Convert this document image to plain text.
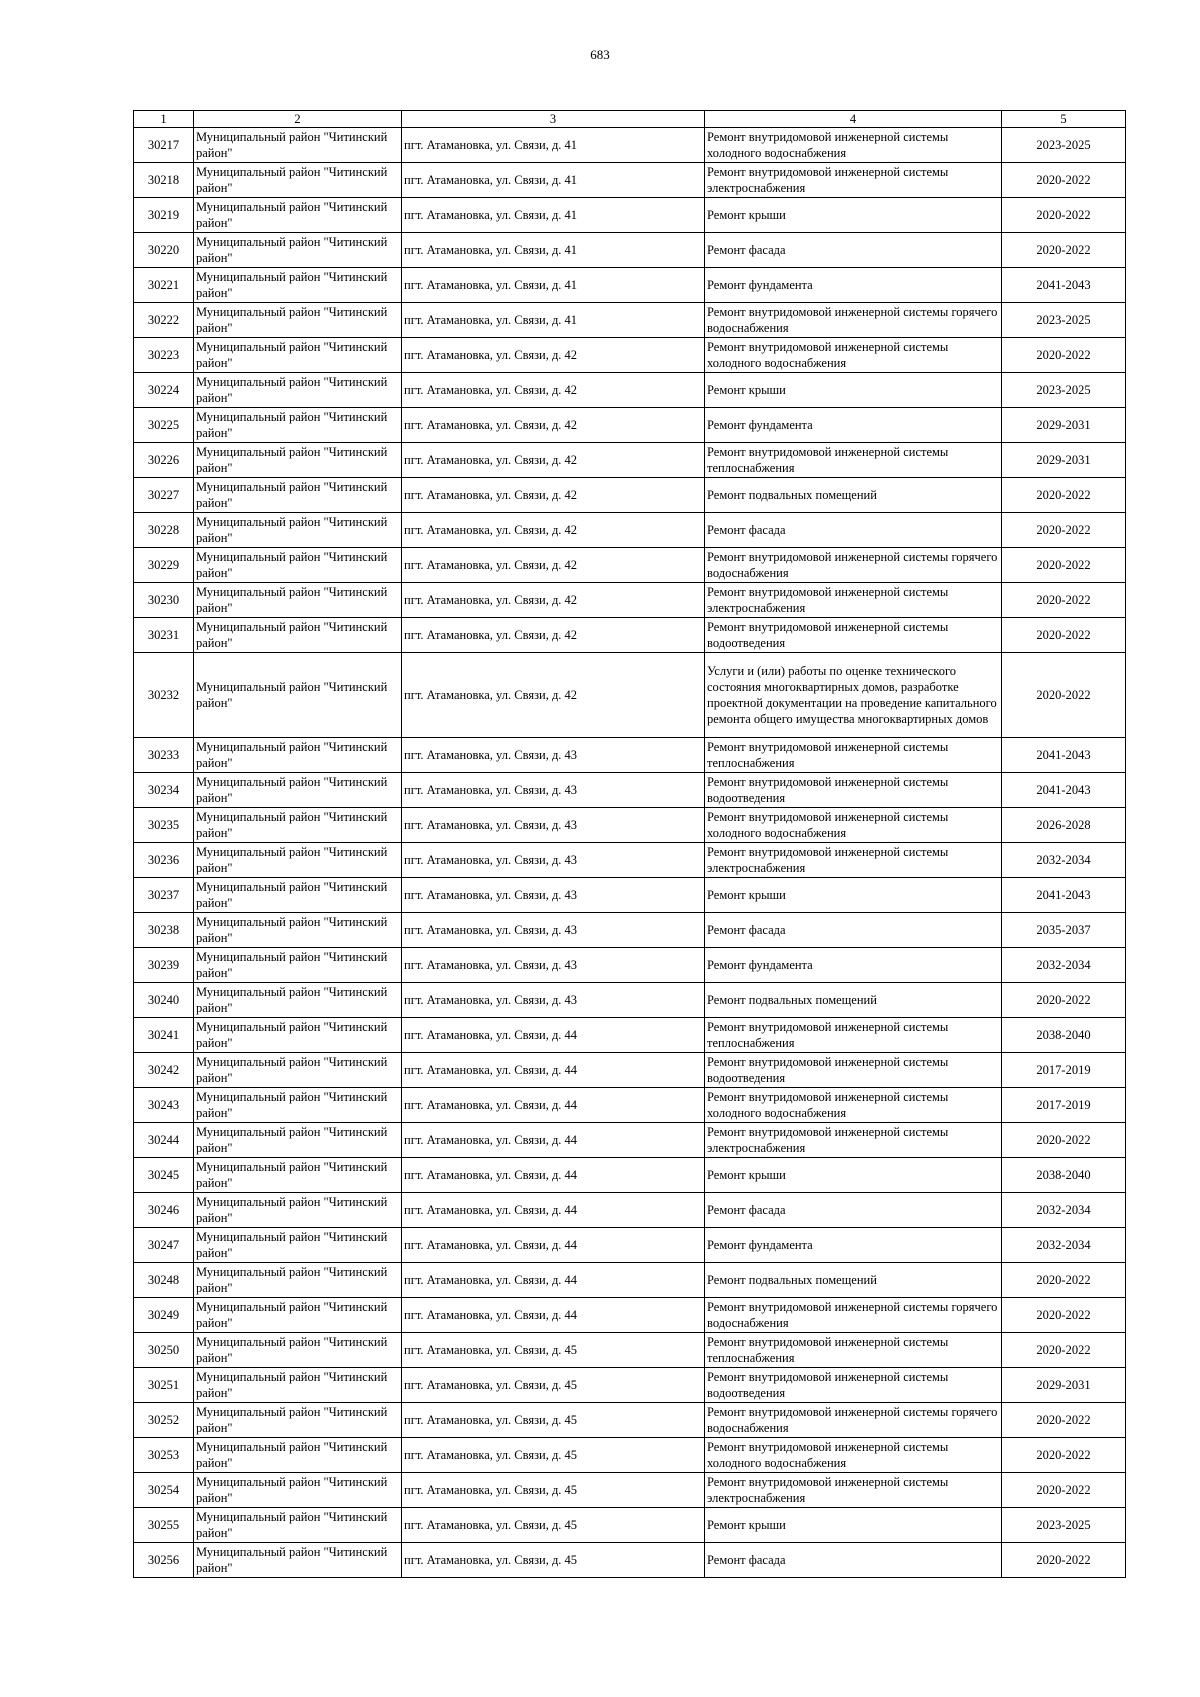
683
1	2	3	4	5
30217	Муниципальный район "Читинский район"	пгт. Атамановка, ул. Связи, д. 41	Ремонт внутридомовой инженерной системы холодного водоснабжения	2023-2025
30218	Муниципальный район "Читинский район"	пгт. Атамановка, ул. Связи, д. 41	Ремонт внутридомовой инженерной системы электроснабжения	2020-2022
30219	Муниципальный район "Читинский район"	пгт. Атамановка, ул. Связи, д. 41	Ремонт крыши	2020-2022
30220	Муниципальный район "Читинский район"	пгт. Атамановка, ул. Связи, д. 41	Ремонт фасада	2020-2022
30221	Муниципальный район "Читинский район"	пгт. Атамановка, ул. Связи, д. 41	Ремонт фундамента	2041-2043
30222	Муниципальный район "Читинский район"	пгт. Атамановка, ул. Связи, д. 41	Ремонт внутридомовой инженерной системы горячего водоснабжения	2023-2025
30223	Муниципальный район "Читинский район"	пгт. Атамановка, ул. Связи, д. 42	Ремонт внутридомовой инженерной системы холодного водоснабжения	2020-2022
30224	Муниципальный район "Читинский район"	пгт. Атамановка, ул. Связи, д. 42	Ремонт крыши	2023-2025
30225	Муниципальный район "Читинский район"	пгт. Атамановка, ул. Связи, д. 42	Ремонт фундамента	2029-2031
30226	Муниципальный район "Читинский район"	пгт. Атамановка, ул. Связи, д. 42	Ремонт внутридомовой инженерной системы теплоснабжения	2029-2031
30227	Муниципальный район "Читинский район"	пгт. Атамановка, ул. Связи, д. 42	Ремонт подвальных помещений	2020-2022
30228	Муниципальный район "Читинский район"	пгт. Атамановка, ул. Связи, д. 42	Ремонт фасада	2020-2022
30229	Муниципальный район "Читинский район"	пгт. Атамановка, ул. Связи, д. 42	Ремонт внутридомовой инженерной системы горячего водоснабжения	2020-2022
30230	Муниципальный район "Читинский район"	пгт. Атамановка, ул. Связи, д. 42	Ремонт внутридомовой инженерной системы электроснабжения	2020-2022
30231	Муниципальный район "Читинский район"	пгт. Атамановка, ул. Связи, д. 42	Ремонт внутридомовой инженерной системы водоотведения	2020-2022
30232	Муниципальный район "Читинский район"	пгт. Атамановка, ул. Связи, д. 42	Услуги и (или) работы по оценке технического состояния многоквартирных домов, разработке проектной документации на проведение капитального ремонта общего имущества многоквартирных домов	2020-2022
30233	Муниципальный район "Читинский район"	пгт. Атамановка, ул. Связи, д. 43	Ремонт внутридомовой инженерной системы теплоснабжения	2041-2043
30234	Муниципальный район "Читинский район"	пгт. Атамановка, ул. Связи, д. 43	Ремонт внутридомовой инженерной системы водоотведения	2041-2043
30235	Муниципальный район "Читинский район"	пгт. Атамановка, ул. Связи, д. 43	Ремонт внутридомовой инженерной системы холодного водоснабжения	2026-2028
30236	Муниципальный район "Читинский район"	пгт. Атамановка, ул. Связи, д. 43	Ремонт внутридомовой инженерной системы электроснабжения	2032-2034
30237	Муниципальный район "Читинский район"	пгт. Атамановка, ул. Связи, д. 43	Ремонт крыши	2041-2043
30238	Муниципальный район "Читинский район"	пгт. Атамановка, ул. Связи, д. 43	Ремонт фасада	2035-2037
30239	Муниципальный район "Читинский район"	пгт. Атамановка, ул. Связи, д. 43	Ремонт фундамента	2032-2034
30240	Муниципальный район "Читинский район"	пгт. Атамановка, ул. Связи, д. 43	Ремонт подвальных помещений	2020-2022
30241	Муниципальный район "Читинский район"	пгт. Атамановка, ул. Связи, д. 44	Ремонт внутридомовой инженерной системы теплоснабжения	2038-2040
30242	Муниципальный район "Читинский район"	пгт. Атамановка, ул. Связи, д. 44	Ремонт внутридомовой инженерной системы водоотведения	2017-2019
30243	Муниципальный район "Читинский район"	пгт. Атамановка, ул. Связи, д. 44	Ремонт внутридомовой инженерной системы холодного водоснабжения	2017-2019
30244	Муниципальный район "Читинский район"	пгт. Атамановка, ул. Связи, д. 44	Ремонт внутридомовой инженерной системы электроснабжения	2020-2022
30245	Муниципальный район "Читинский район"	пгт. Атамановка, ул. Связи, д. 44	Ремонт крыши	2038-2040
30246	Муниципальный район "Читинский район"	пгт. Атамановка, ул. Связи, д. 44	Ремонт фасада	2032-2034
30247	Муниципальный район "Читинский район"	пгт. Атамановка, ул. Связи, д. 44	Ремонт фундамента	2032-2034
30248	Муниципальный район "Читинский район"	пгт. Атамановка, ул. Связи, д. 44	Ремонт подвальных помещений	2020-2022
30249	Муниципальный район "Читинский район"	пгт. Атамановка, ул. Связи, д. 44	Ремонт внутридомовой инженерной системы горячего водоснабжения	2020-2022
30250	Муниципальный район "Читинский район"	пгт. Атамановка, ул. Связи, д. 45	Ремонт внутридомовой инженерной системы теплоснабжения	2020-2022
30251	Муниципальный район "Читинский район"	пгт. Атамановка, ул. Связи, д. 45	Ремонт внутридомовой инженерной системы водоотведения	2029-2031
30252	Муниципальный район "Читинский район"	пгт. Атамановка, ул. Связи, д. 45	Ремонт внутридомовой инженерной системы горячего водоснабжения	2020-2022
30253	Муниципальный район "Читинский район"	пгт. Атамановка, ул. Связи, д. 45	Ремонт внутридомовой инженерной системы холодного водоснабжения	2020-2022
30254	Муниципальный район "Читинский район"	пгт. Атамановка, ул. Связи, д. 45	Ремонт внутридомовой инженерной системы электроснабжения	2020-2022
30255	Муниципальный район "Читинский район"	пгт. Атамановка, ул. Связи, д. 45	Ремонт крыши	2023-2025
30256	Муниципальный район "Читинский район"	пгт. Атамановка, ул. Связи, д. 45	Ремонт фасада	2020-2022
